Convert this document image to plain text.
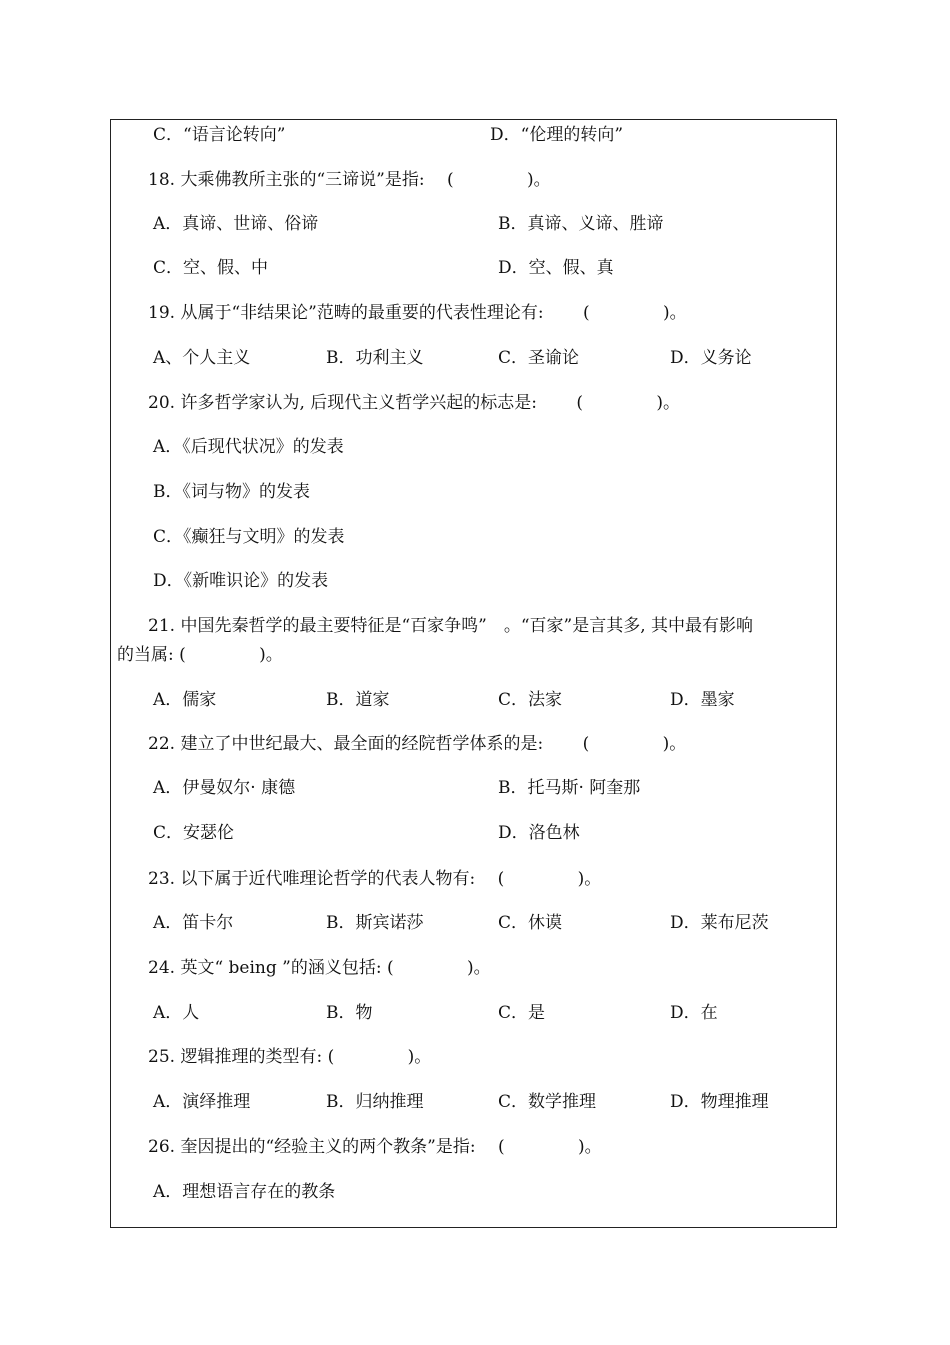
C．“语言论转向”	D．“伦理的转向”
18. 大乘佛教所主张的“三谛说”是指:　 (　　　　 )。
A．真谛、世谛、俗谛	B．真谛、义谛、胜谛
C．空、假、中	D．空、假、真
19. 从属于“非结果论”范畴的最重要的代表性理论有:　　 (　　　　 )。
A、个人主义	B．功利主义	C．圣谕论	D．义务论
20. 许多哲学家认为, 后现代主义哲学兴起的标志是:　　 (　　　　 )。
A．《后现代状况》的发表
B．《词与物》的发表
C．《癫狂与文明》的发表
D．《新唯识论》的发表
21. 中国先秦哲学的最主要特征是“百家争鸣”　。“百家”是言其多, 其中最有影响
的当属: (　　　　 )。
A．儒家	B．道家	C．法家	D．墨家
22. 建立了中世纪最大、最全面的经院哲学体系的是:　　 (　　　　 )。
A．伊曼奴尔· 康德	B．托马斯· 阿奎那
C．安瑟伦	D．洛色林
23. 以下属于近代唯理论哲学的代表人物有:　 (　　　　 )。
A．笛卡尔	B．斯宾诺莎	C．休谟	D．莱布尼茨
24. 英文“ being ”的涵义包括: (　　　　 )。
A．人	B．物	C．是	D．在
25. 逻辑推理的类型有: (　　　　 )。
A．演绎推理	B．归纳推理	C．数学推理	D．物理推理
26. 奎因提出的“经验主义的两个教条”是指:　 (　　　　 )。
A．理想语言存在的教条
